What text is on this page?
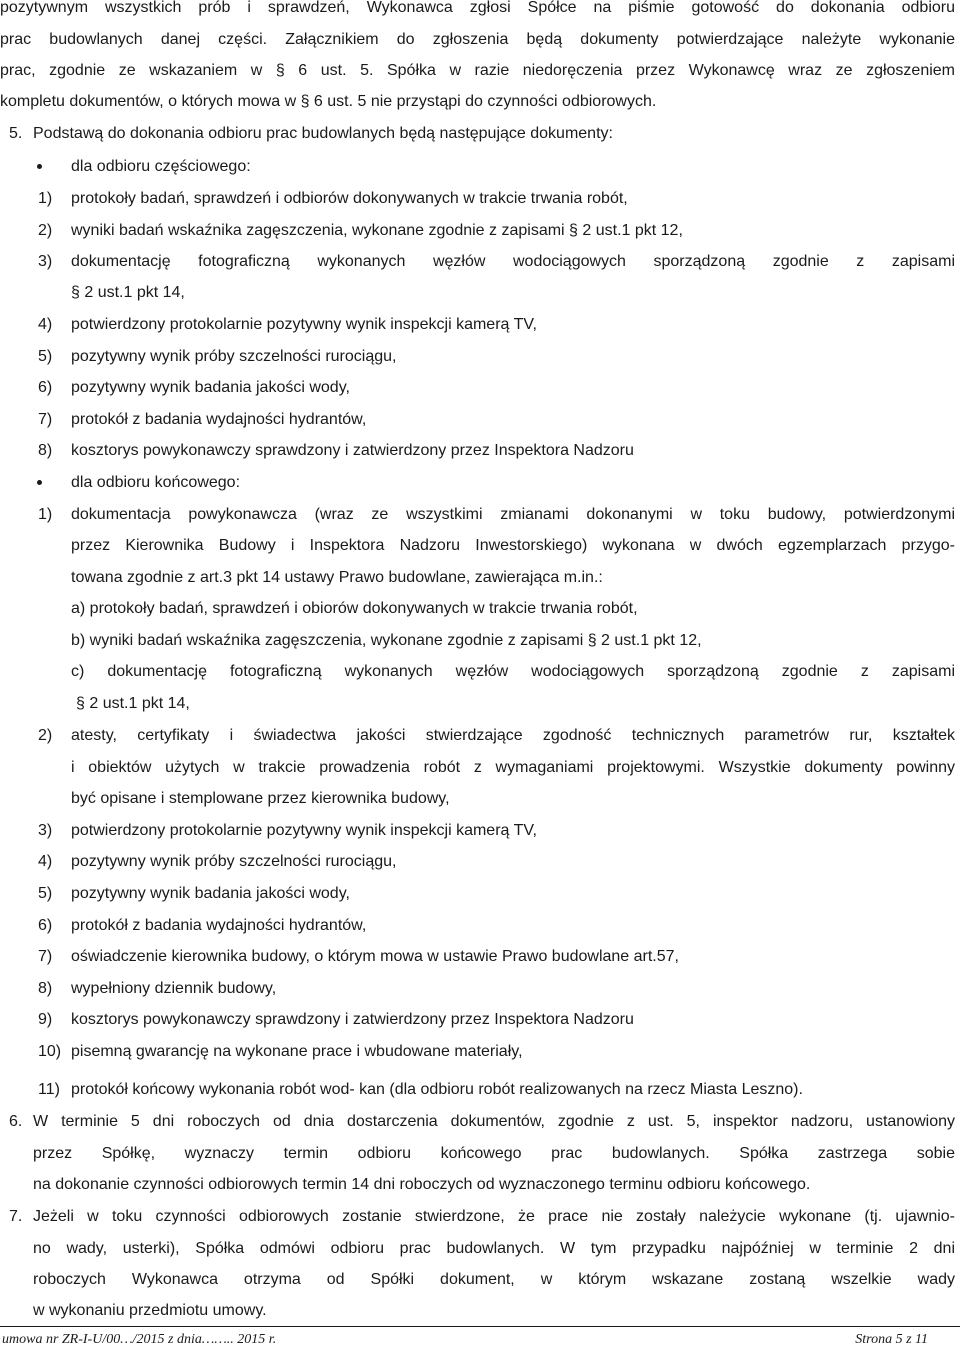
pozytywnym wszystkich prób i sprawdzeń, Wykonawca zgłosi Spółce na piśmie gotowość do dokonania odbioru
prac budowlanych danej części. Załącznikiem do zgłoszenia będą dokumenty potwierdzające należyte wykonanie
prac, zgodnie ze wskazaniem w § 6 ust. 5. Spółka w razie niedoręczenia przez Wykonawcę wraz ze zgłoszeniem
kompletu dokumentów, o których mowa w § 6 ust. 5 nie przystąpi do czynności odbiorowych.
5. Podstawą do dokonania odbioru prac budowlanych będą następujące dokumenty:
dla odbioru częściowego:
1) protokoły badań, sprawdzeń i odbiorów dokonywanych w trakcie trwania robót,
2) wyniki badań wskaźnika zagęszczenia, wykonane zgodnie z zapisami § 2 ust.1 pkt 12,
3) dokumentację fotograficzną wykonanych węzłów wodociągowych sporządzoną zgodnie z zapisami
§ 2 ust.1 pkt 14,
4) potwierdzony protokolarnie pozytywny wynik inspekcji kamerą TV,
5) pozytywny wynik próby szczelności rurociągu,
6) pozytywny wynik badania jakości wody,
7) protokół z badania wydajności hydrantów,
8) kosztorys powykonawczy sprawdzony i zatwierdzony przez Inspektora Nadzoru
dla odbioru końcowego:
1) dokumentacja powykonawcza (wraz ze wszystkimi zmianami dokonanymi w toku budowy, potwierdzonymi
przez Kierownika Budowy i Inspektora Nadzoru Inwestorskiego) wykonana w dwóch egzemplarzach przygo-
towana zgodnie z art.3 pkt 14 ustawy Prawo budowlane, zawierająca m.in.:
a) protokoły badań, sprawdzeń i obiorów dokonywanych w trakcie trwania robót,
b) wyniki badań wskaźnika zagęszczenia, wykonane zgodnie z zapisami § 2 ust.1 pkt 12,
c) dokumentację fotograficzną wykonanych węzłów wodociągowych sporządzoną zgodnie z zapisami
§ 2 ust.1 pkt 14,
2) atesty, certyfikaty i świadectwa jakości stwierdzające zgodność technicznych parametrów rur, kształtek
i obiektów użytych w trakcie prowadzenia robót z wymaganiami projektowymi. Wszystkie dokumenty powinny
być opisane i stemplowane przez kierownika budowy,
3) potwierdzony protokolarnie pozytywny wynik inspekcji kamerą TV,
4) pozytywny wynik próby szczelności rurociągu,
5) pozytywny wynik badania jakości wody,
6) protokół z badania wydajności hydrantów,
7) oświadczenie kierownika budowy, o którym mowa w ustawie Prawo budowlane art.57,
8) wypełniony dziennik budowy,
9) kosztorys powykonawczy sprawdzony i zatwierdzony przez Inspektora Nadzoru
10) pisemną gwarancję na wykonane prace i wbudowane materiały,
11) protokół końcowy wykonania robót wod- kan (dla odbioru robót realizowanych na rzecz Miasta Leszno).
6. W terminie 5 dni roboczych od dnia dostarczenia dokumentów, zgodnie z ust. 5, inspektor nadzoru, ustanowiony
przez Spółkę, wyznaczy termin odbioru końcowego prac budowlanych. Spółka zastrzega sobie
na dokonanie czynności odbiorowych termin 14 dni roboczych od wyznaczonego terminu odbioru końcowego.
7. Jeżeli w toku czynności odbiorowych zostanie stwierdzone, że prace nie zostały należycie wykonane (tj. ujawnio-
no wady, usterki), Spółka odmówi odbioru prac budowlanych. W tym przypadku najpóźniej w terminie 2 dni
roboczych Wykonawca otrzyma od Spółki dokument, w którym wskazane zostaną wszelkie wady
w wykonaniu przedmiotu umowy.
umowa nr ZR-I-U/00…/2015 z dnia…….. 2015 r.	Strona 5 z 11
